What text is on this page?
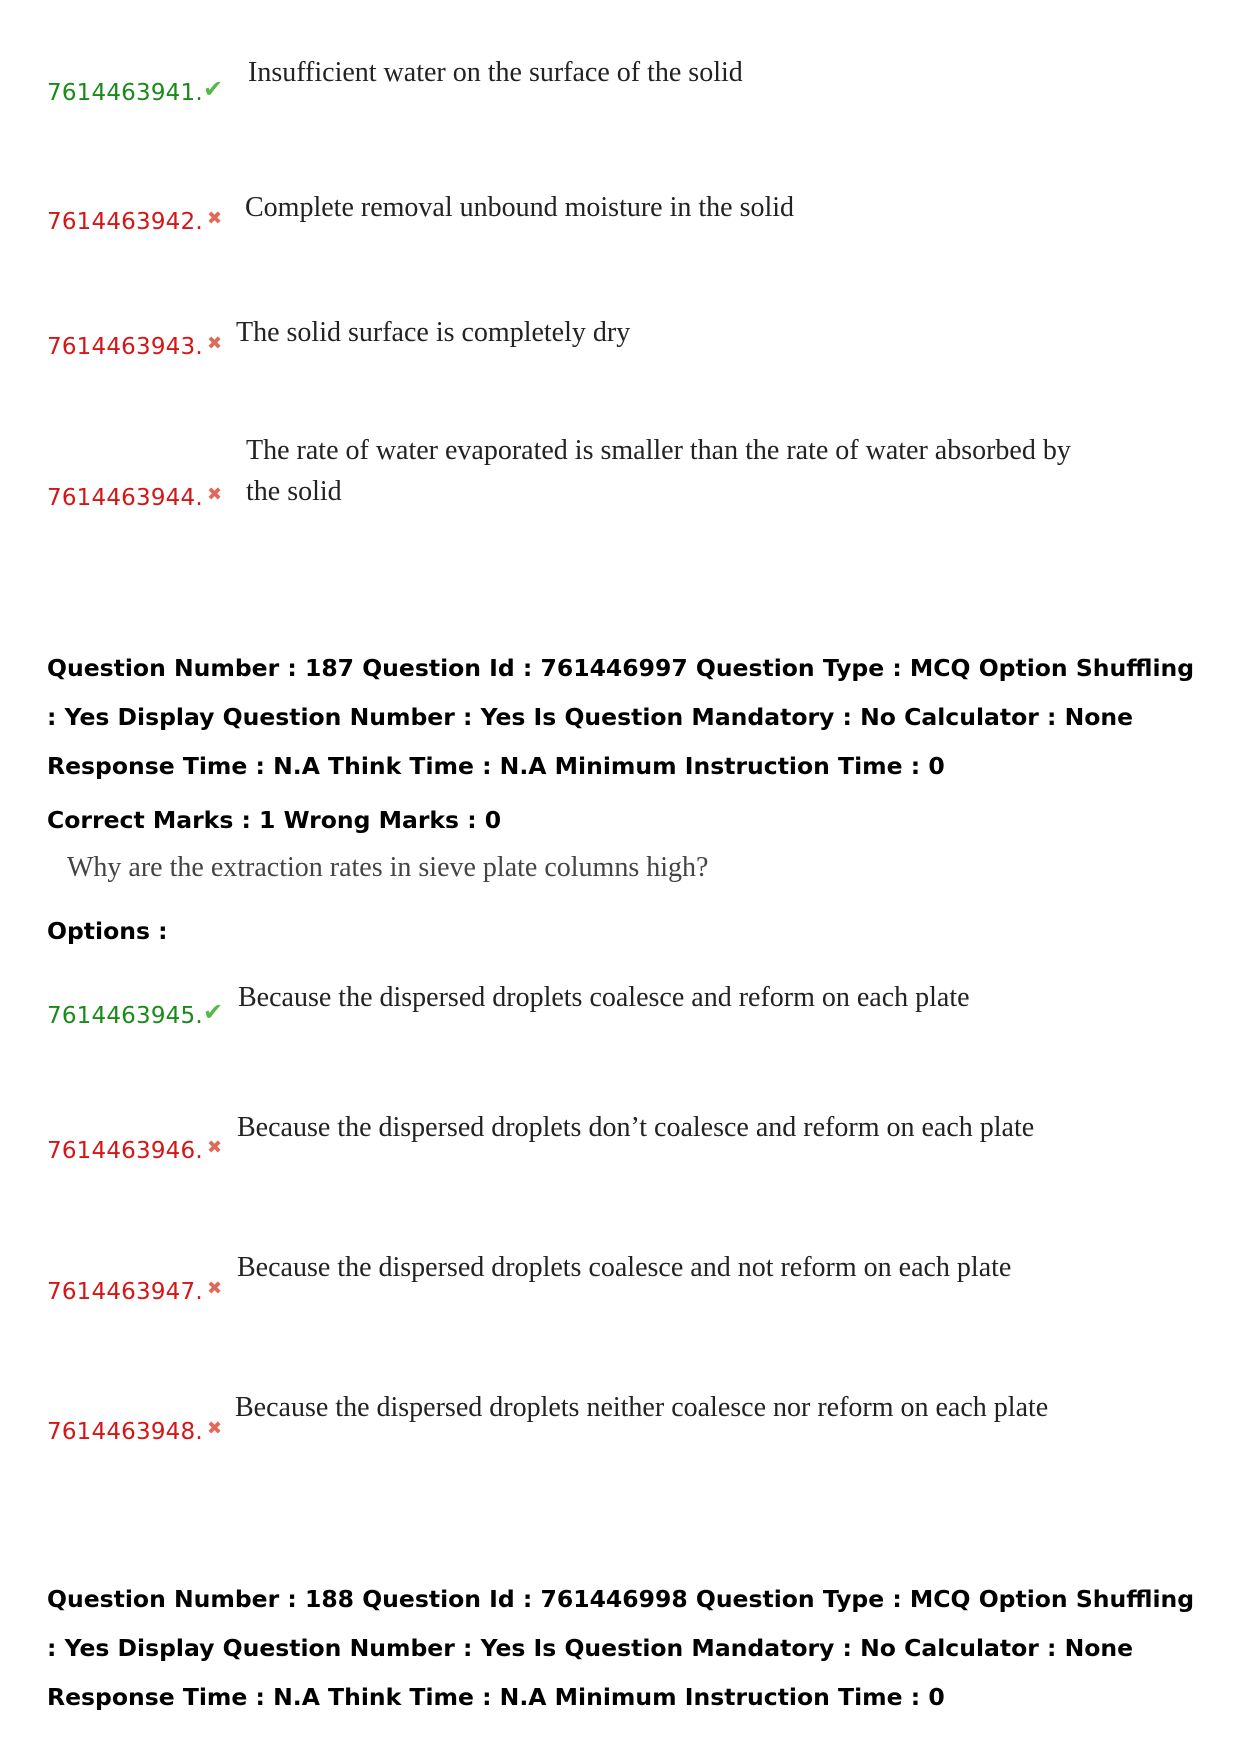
7614463941. ✔
Insufficient water on the surface of the solid
7614463942. ✖ Complete removal unbound moisture in the solid
7614463943. ✖ The solid surface is completely dry
7614463944. ✖
The rate of water evaporated is smaller than the rate of water absorbed by
the solid
Question Number : 187 Question Id : 761446997 Question Type : MCQ Option Shuffling : Yes Display Question Number : Yes Is Question Mandatory : No Calculator : None Response Time : N.A Think Time : N.A Minimum Instruction Time : 0
Correct Marks : 1 Wrong Marks : 0
Why are the extraction rates in sieve plate columns high?
Options :
7614463945. ✔ Because the dispersed droplets coalesce and reform on each plate
7614463946. ✖
Because the dispersed droplets don’t coalesce and reform on each plate
7614463947. ✖
Because the dispersed droplets coalesce and not reform on each plate
7614463948. ✖
Because the dispersed droplets neither coalesce nor reform on each plate
Question Number : 188 Question Id : 761446998 Question Type : MCQ Option Shuffling : Yes Display Question Number : Yes Is Question Mandatory : No Calculator : None Response Time : N.A Think Time : N.A Minimum Instruction Time : 0
